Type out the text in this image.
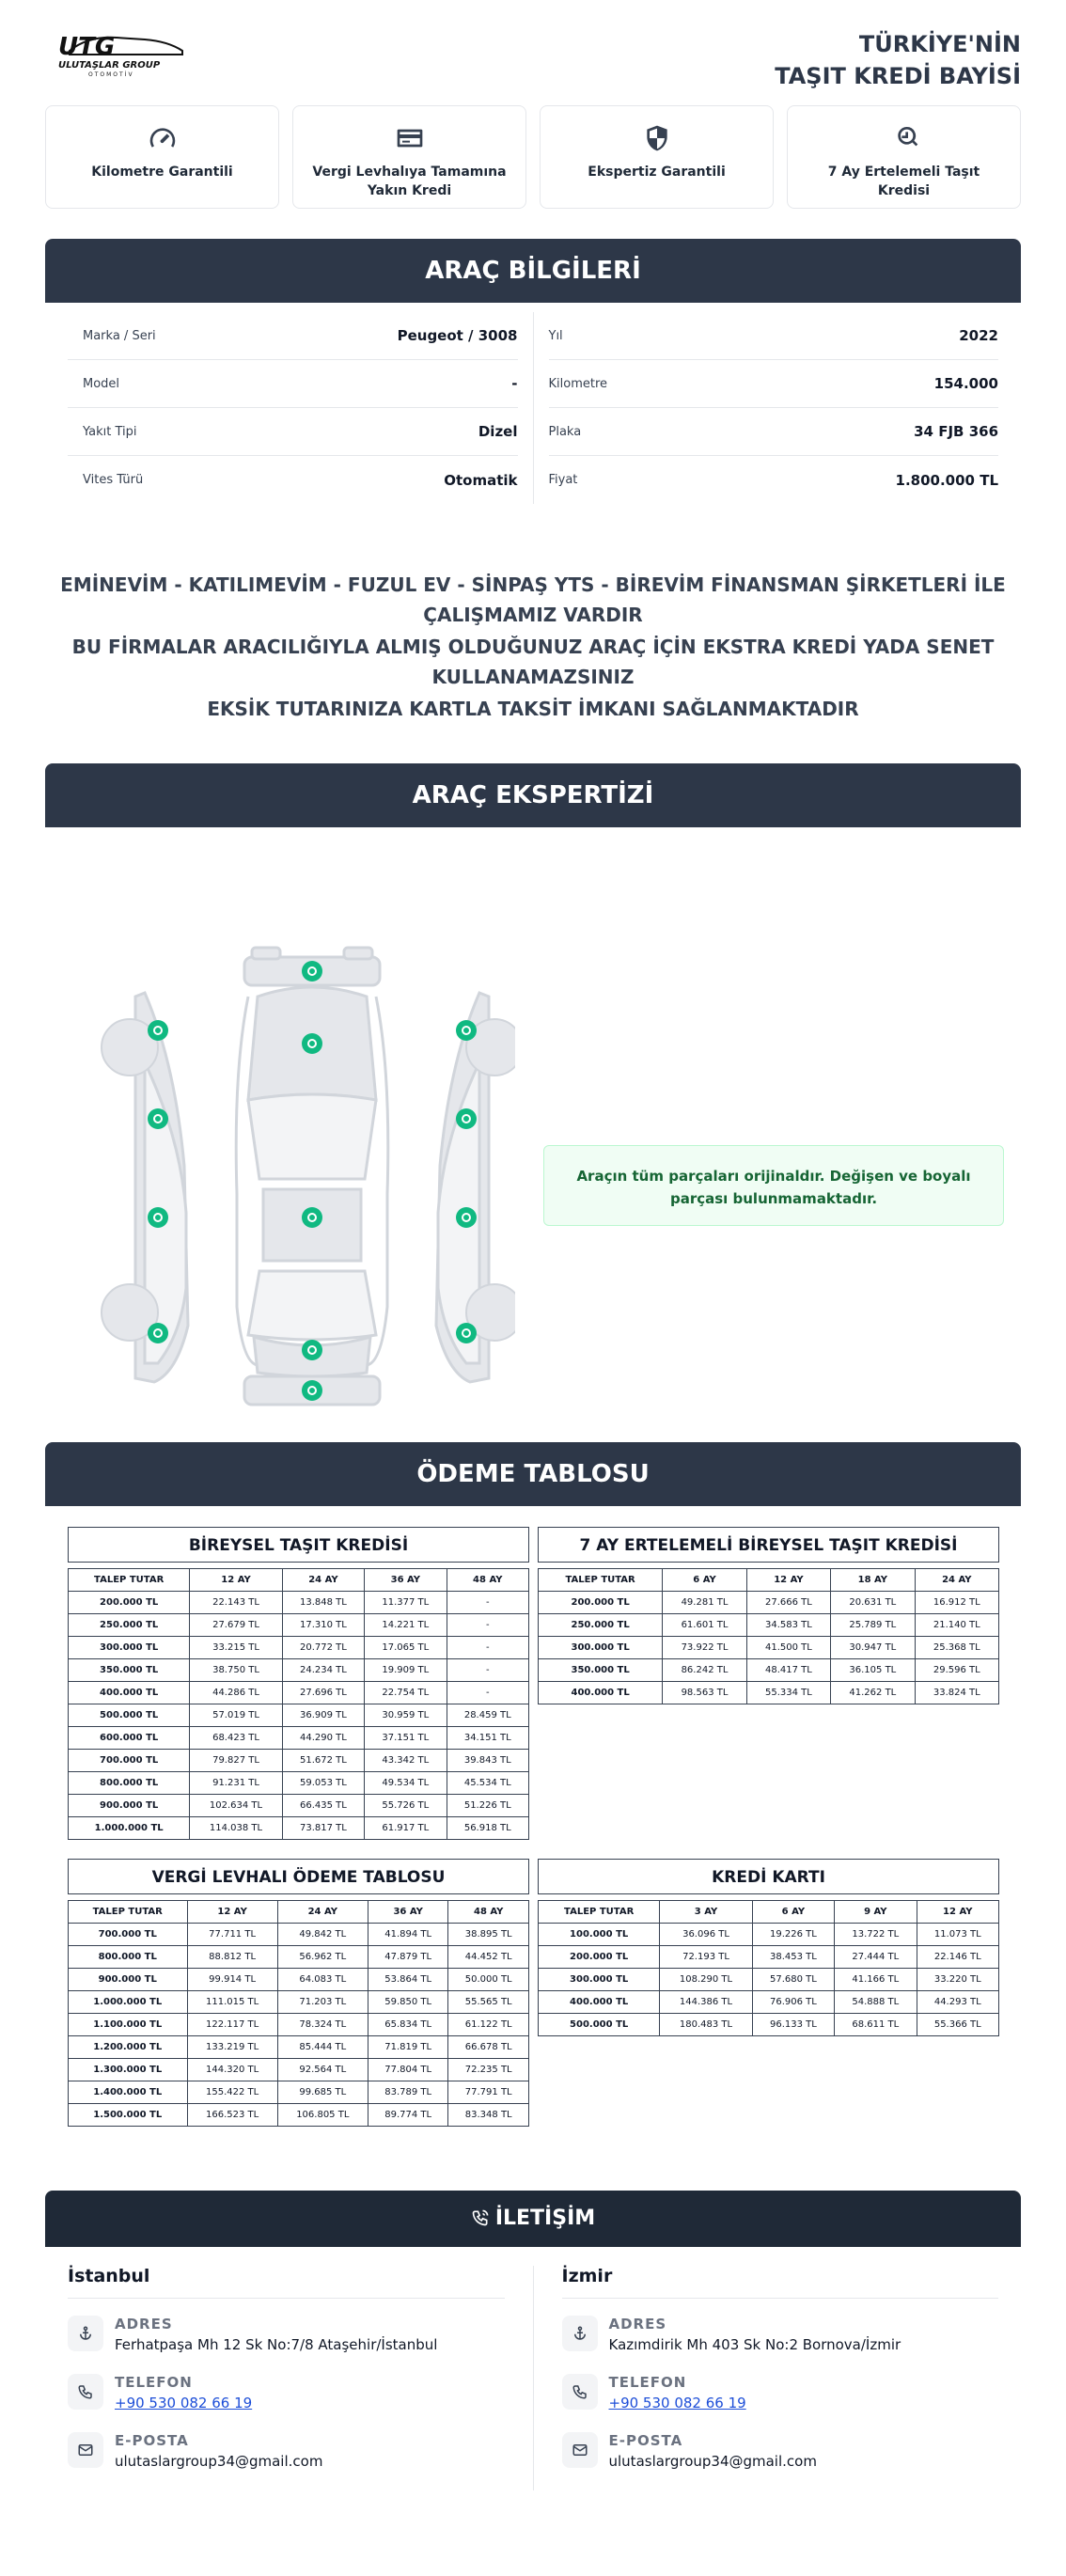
UTG
ULUTAŞLAR GROUP
OTOMOTİV
TÜRKİYE'NİN
TAŞIT KREDİ BAYİSİ
Kilometre Garantili	Vergi Levhalıya Tamamına Yakın Kredi
Ekspertiz Garantili	7 Ay Ertelemeli Taşıt Kredisi
ARAÇ BİLGİLERİ
Marka / Seri	Peugeot / 3008
Model	-
Yakıt Tipi	Dizel
Vites Türü	Otomatik
Yıl	2022
Kilometre	154.000
Plaka	34 FJB 366
Fiyat	1.800.000 TL

EMİNEVİM - KATILIMEVİM - FUZUL EV - SİNPAŞ YTS - BİREVİM FİNANSMAN ŞİRKETLERİ İLE ÇALIŞMAMIZ VARDIR

BU FİRMALAR ARACILIĞIYLA ALMIŞ OLDUĞUNUZ ARAÇ İÇİN EKSTRA KREDİ YADA SENET KULLANAMAZSINIZ

EKSİK TUTARINIZA KARTLA TAKSİT İMKANI SAĞLANMAKTADIR

ARAÇ EKSPERTİZİ
Araçın tüm parçaları orijinaldır. Değişen ve boyalı parçası bulunmamaktadır.
ÖDEME TABLOSU
BİREYSEL TAŞIT KREDİSİ
TALEP TUTAR	12 AY	24 AY	36 AY	48 AY
200.000 TL	22.143 TL	13.848 TL	11.377 TL	-
250.000 TL	27.679 TL	17.310 TL	14.221 TL	-
300.000 TL	33.215 TL	20.772 TL	17.065 TL	-
350.000 TL	38.750 TL	24.234 TL	19.909 TL	-
400.000 TL	44.286 TL	27.696 TL	22.754 TL	-
500.000 TL	57.019 TL	36.909 TL	30.959 TL	28.459 TL
600.000 TL	68.423 TL	44.290 TL	37.151 TL	34.151 TL
700.000 TL	79.827 TL	51.672 TL	43.342 TL	39.843 TL
800.000 TL	91.231 TL	59.053 TL	49.534 TL	45.534 TL
900.000 TL	102.634 TL	66.435 TL	55.726 TL	51.226 TL
1.000.000 TL	114.038 TL	73.817 TL	61.917 TL	56.918 TL
7 AY ERTELEMELİ BİREYSEL TAŞIT KREDİSİ
TALEP TUTAR	6 AY	12 AY	18 AY	24 AY
200.000 TL	49.281 TL	27.666 TL	20.631 TL	16.912 TL
250.000 TL	61.601 TL	34.583 TL	25.789 TL	21.140 TL
300.000 TL	73.922 TL	41.500 TL	30.947 TL	25.368 TL
350.000 TL	86.242 TL	48.417 TL	36.105 TL	29.596 TL
400.000 TL	98.563 TL	55.334 TL	41.262 TL	33.824 TL
VERGİ LEVHALI ÖDEME TABLOSU
TALEP TUTAR	12 AY	24 AY	36 AY	48 AY
700.000 TL	77.711 TL	49.842 TL	41.894 TL	38.895 TL
800.000 TL	88.812 TL	56.962 TL	47.879 TL	44.452 TL
900.000 TL	99.914 TL	64.083 TL	53.864 TL	50.000 TL
1.000.000 TL	111.015 TL	71.203 TL	59.850 TL	55.565 TL
1.100.000 TL	122.117 TL	78.324 TL	65.834 TL	61.122 TL
1.200.000 TL	133.219 TL	85.444 TL	71.819 TL	66.678 TL
1.300.000 TL	144.320 TL	92.564 TL	77.804 TL	72.235 TL
1.400.000 TL	155.422 TL	99.685 TL	83.789 TL	77.791 TL
1.500.000 TL	166.523 TL	106.805 TL	89.774 TL	83.348 TL
KREDİ KARTI
TALEP TUTAR	3 AY	6 AY	9 AY	12 AY
100.000 TL	36.096 TL	19.226 TL	13.722 TL	11.073 TL
200.000 TL	72.193 TL	38.453 TL	27.444 TL	22.146 TL
300.000 TL	108.290 TL	57.680 TL	41.166 TL	33.220 TL
400.000 TL	144.386 TL	76.906 TL	54.888 TL	44.293 TL
500.000 TL	180.483 TL	96.133 TL	68.611 TL	55.366 TL
İLETİŞİM
İstanbul
ADRES
Ferhatpaşa Mh 12 Sk No:7/8 Ataşehir/İstanbul
TELEFON
+90 530 082 66 19
E-POSTA
ulutaslargroup34@gmail.com
İzmir
ADRES
Kazımdirik Mh 403 Sk No:2 Bornova/İzmir
TELEFON
+90 530 082 66 19
E-POSTA
ulutaslargroup34@gmail.com
